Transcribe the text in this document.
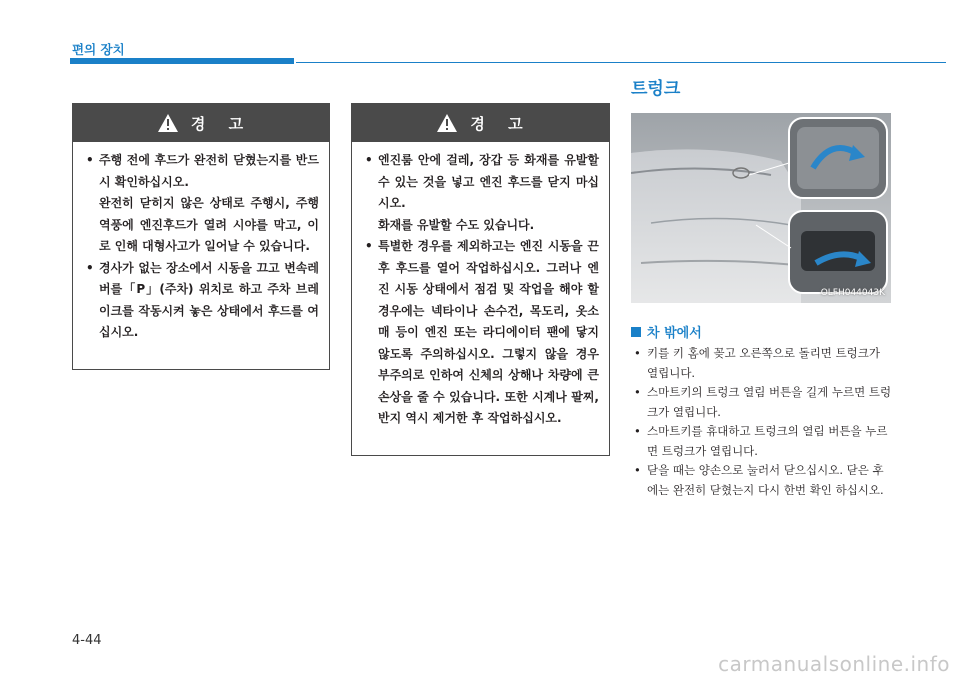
편의 장치
경 고
• 주행 전에 후드가 완전히 닫혔는지를 반드시 확인하십시오.
완전히 닫히지 않은 상태로 주행시, 주행 역풍에 엔진후드가 열려 시야를 막고, 이로 인해 대형사고가 일어날 수 있습니다.
• 경사가 없는 장소에서 시동을 끄고 변속레버를「P」(주차) 위치로 하고 주차 브레이크를 작동시켜 놓은 상태에서 후드를 여십시오.
경 고
• 엔진룸 안에 걸레, 장갑 등 화재를 유발할 수 있는 것을 넣고 엔진 후드를 닫지 마십시오.
화재를 유발할 수도 있습니다.
• 특별한 경우를 제외하고는 엔진 시동을 끈 후 후드를 열어 작업하십시오. 그러나 엔진 시동 상태에서 점검 및 작업을 해야 할 경우에는 넥타이나 손수건, 목도리, 옷소매 등이 엔진 또는 라디에이터 팬에 닿지 않도록 주의하십시오. 그렇지 않을 경우 부주의로 인하여 신체의 상해나 차량에 큰 손상을 줄 수 있습니다. 또한 시계나 팔찌, 반지 역시 제거한 후 작업하십시오.
트렁크
OLFH044043K
차 밖에서
• 키를 키 홈에 꽂고 오른쪽으로 돌리면 트렁크가 열립니다.
• 스마트키의 트렁크 열림 버튼을 길게 누르면 트렁크가 열립니다.
• 스마트키를 휴대하고 트렁크의 열림 버튼을 누르면 트렁크가 열립니다.
• 닫을 때는 양손으로 눌러서 닫으십시오. 닫은 후에는 완전히 닫혔는지 다시 한번 확인 하십시오.
4-44
carmanualsonline.info
